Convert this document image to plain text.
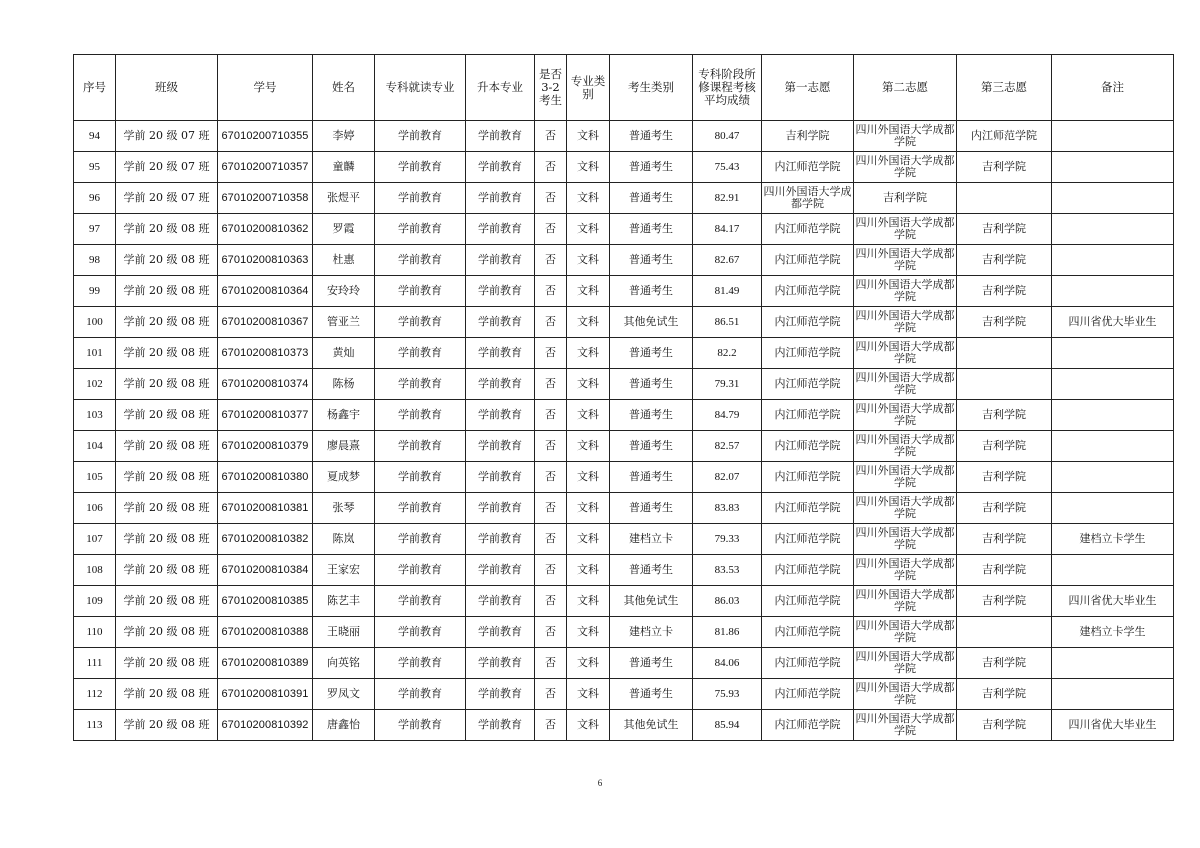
序号	班级	学号	姓名	专科就读专业	升本专业	是否3-2考生	专业类别	考生类别	专科阶段所修课程考核平均成绩	第一志愿	第二志愿	第三志愿	备注
94	学前 20 级 07 班	67010200710355	李婷	学前教育	学前教育	否	文科	普通考生	80.47	吉利学院	四川外国语大学成都学院	内江师范学院	
95	学前 20 级 07 班	67010200710357	童麟	学前教育	学前教育	否	文科	普通考生	75.43	内江师范学院	四川外国语大学成都学院	吉利学院	
96	学前 20 级 07 班	67010200710358	张煜平	学前教育	学前教育	否	文科	普通考生	82.91	四川外国语大学成都学院	吉利学院		
97	学前 20 级 08 班	67010200810362	罗霞	学前教育	学前教育	否	文科	普通考生	84.17	内江师范学院	四川外国语大学成都学院	吉利学院	
98	学前 20 级 08 班	67010200810363	杜惠	学前教育	学前教育	否	文科	普通考生	82.67	内江师范学院	四川外国语大学成都学院	吉利学院	
99	学前 20 级 08 班	67010200810364	安玲玲	学前教育	学前教育	否	文科	普通考生	81.49	内江师范学院	四川外国语大学成都学院	吉利学院	
100	学前 20 级 08 班	67010200810367	管亚兰	学前教育	学前教育	否	文科	其他免试生	86.51	内江师范学院	四川外国语大学成都学院	吉利学院	四川省优大毕业生
101	学前 20 级 08 班	67010200810373	黄灿	学前教育	学前教育	否	文科	普通考生	82.2	内江师范学院	四川外国语大学成都学院		
102	学前 20 级 08 班	67010200810374	陈杨	学前教育	学前教育	否	文科	普通考生	79.31	内江师范学院	四川外国语大学成都学院		
103	学前 20 级 08 班	67010200810377	杨鑫宇	学前教育	学前教育	否	文科	普通考生	84.79	内江师范学院	四川外国语大学成都学院	吉利学院	
104	学前 20 级 08 班	67010200810379	廖晨熹	学前教育	学前教育	否	文科	普通考生	82.57	内江师范学院	四川外国语大学成都学院	吉利学院	
105	学前 20 级 08 班	67010200810380	夏成梦	学前教育	学前教育	否	文科	普通考生	82.07	内江师范学院	四川外国语大学成都学院	吉利学院	
106	学前 20 级 08 班	67010200810381	张琴	学前教育	学前教育	否	文科	普通考生	83.83	内江师范学院	四川外国语大学成都学院	吉利学院	
107	学前 20 级 08 班	67010200810382	陈岚	学前教育	学前教育	否	文科	建档立卡	79.33	内江师范学院	四川外国语大学成都学院	吉利学院	建档立卡学生
108	学前 20 级 08 班	67010200810384	王家宏	学前教育	学前教育	否	文科	普通考生	83.53	内江师范学院	四川外国语大学成都学院	吉利学院	
109	学前 20 级 08 班	67010200810385	陈艺丰	学前教育	学前教育	否	文科	其他免试生	86.03	内江师范学院	四川外国语大学成都学院	吉利学院	四川省优大毕业生
110	学前 20 级 08 班	67010200810388	王晓丽	学前教育	学前教育	否	文科	建档立卡	81.86	内江师范学院	四川外国语大学成都学院		建档立卡学生
111	学前 20 级 08 班	67010200810389	向英铭	学前教育	学前教育	否	文科	普通考生	84.06	内江师范学院	四川外国语大学成都学院	吉利学院	
112	学前 20 级 08 班	67010200810391	罗凤文	学前教育	学前教育	否	文科	普通考生	75.93	内江师范学院	四川外国语大学成都学院	吉利学院	
113	学前 20 级 08 班	67010200810392	唐鑫怡	学前教育	学前教育	否	文科	其他免试生	85.94	内江师范学院	四川外国语大学成都学院	吉利学院	四川省优大毕业生
6
